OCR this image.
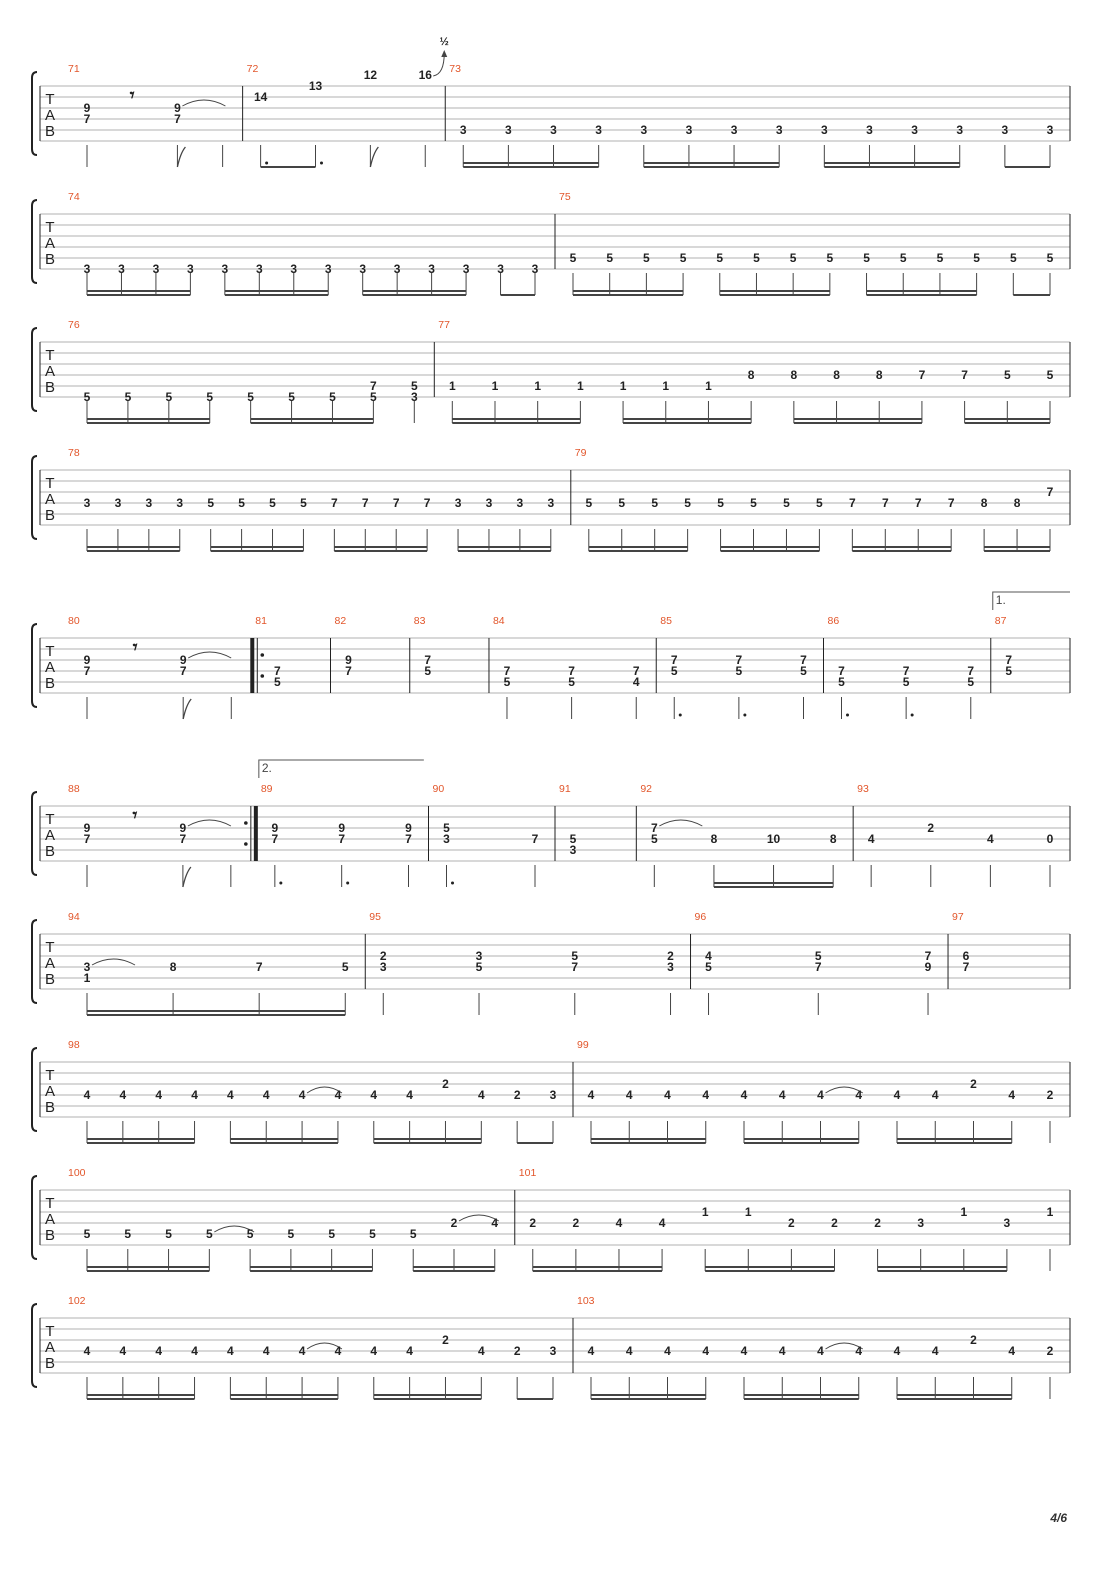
T
A
B
71
9
7
𝄾
9
7
72
14
13
12	16
½
73
3	3	3	3	3	3	3	3	3	3	3	3	3	3
T
A
B
74
3 3 3 3 3 3 3 3 3 3 3 3 3 3
75
5	5	5	5	5	5	5	5	5	5	5	5	5	5
T
A
B
76
5	5	5	5	5	5	5
7
5
5
3
77
1	1	1	1	1	1	1
8	8	8	8	7	7	5	5
T
A
B
78
3 3 3 3 5 5 5 5 7 7 7 7 3 3 3 3
79
5 5 5 5 5 5 5 5 7 7 7 7 8 8
7
T
A
B
80
9
7
𝄾
9
7
81
7
5
82
9
7
83
7
5
84
7
5
7
5
7
4
85
7
5
7
5
7
5
86
7
5
7
5
7
5
87
1.
7
5
T
A
B
88
9
7
𝄾
9
7
89
2.
9
7
9
7
9
7
90
5
3	7
91
5
3
92
7
5	8	10	8
93
4
2
4	0
T
A
B
94
3
1
8	7	5
95
2
3
3
5
5
7
2
3
96
4
5
5
7
7
9
97
6
7
T
A
B
98
4 4 4 4 4 4 4 4 4 4
2
4 2 3
99
4	4	4	4	4	4	4	4	4	4
2
4	2
T
A
B
100
5	5	5	5	5	5	5	5	5
2	4
101
2	2	4	4
1	1
2	2	2	3
1
3
1
T
A
B
102
4 4 4 4 4 4 4 4 4 4
2
4 2 3
103
4	4	4	4	4	4	4	4	4	4
2
4	2
4/6
